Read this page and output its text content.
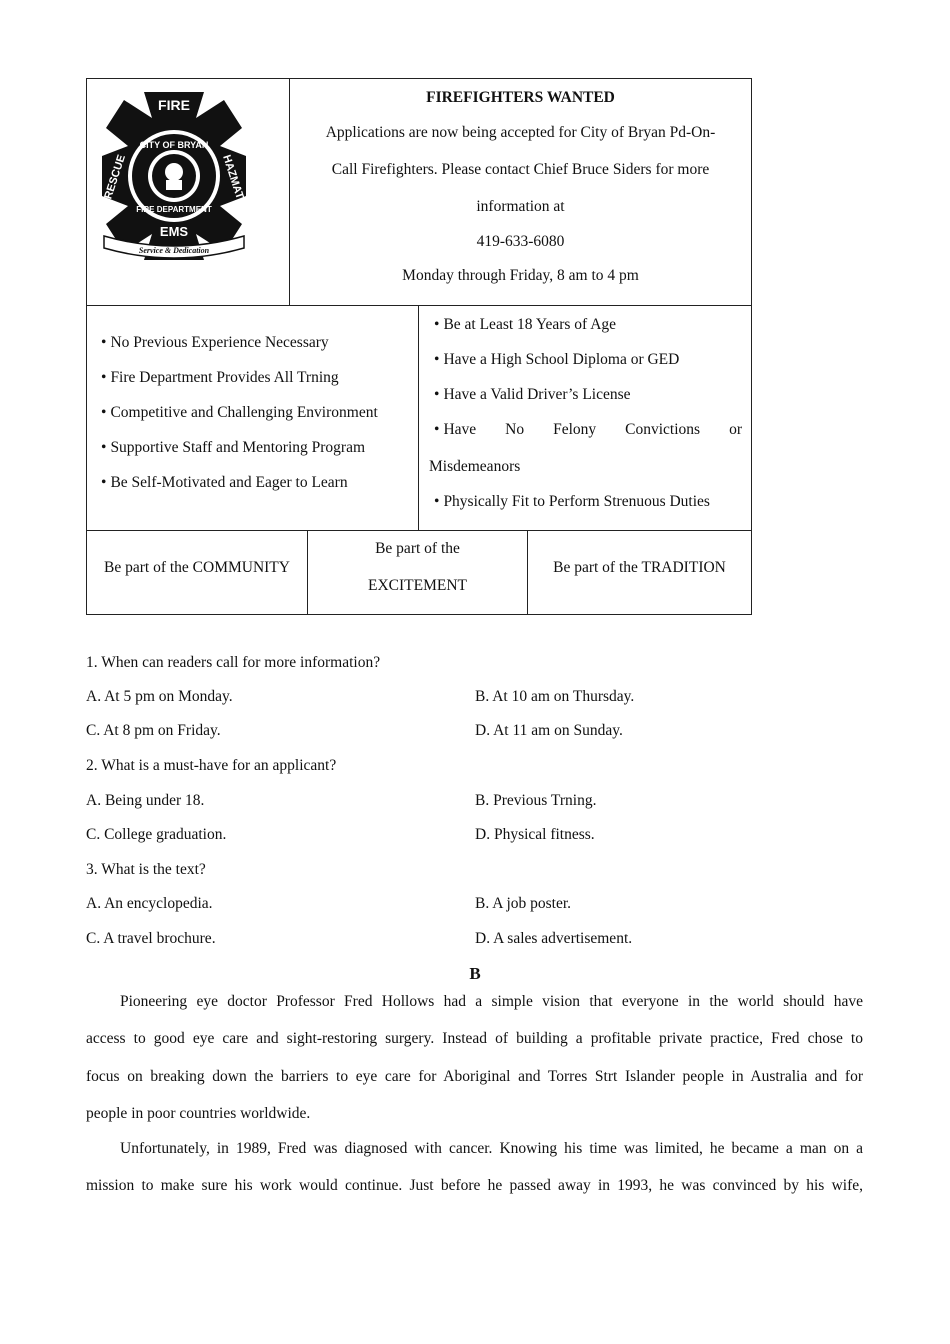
FIRE
EMS
RESCUE	HAZMAT
CITY OF BRYAN
FIRE DEPARTMENT
Service & Dedication
FIREFIGHTERS WANTED
Applications are now being accepted for City of Bryan Pd-On-
Call Firefighters. Please contact Chief Bruce Siders for more
information at
419-633-6080
Monday through Friday, 8 am to 4 pm
• No Previous Experience Necessary
• Fire Department Provides All Trning
• Competitive and Challenging Environment
• Supportive Staff and Mentoring Program
• Be Self-Motivated and Eager to Learn
• Be at Least 18 Years of Age
• Have a High School Diploma or GED
• Have a Valid Driver’s License
• Have No Felony Convictions or
Misdemeanors
• Physically Fit to Perform Strenuous Duties
Be part of the COMMUNITY
Be part of the
EXCITEMENT
Be part of the TRADITION
1. When can readers call for more information?
A. At 5 pm on Monday.	B. At 10 am on Thursday.
C. At 8 pm on Friday.	D. At 11 am on Sunday.
2. What is a must-have for an applicant?
A. Being under 18.	B. Previous Trning.
C. College graduation.	D. Physical fitness.
3. What is the text?
A. An encyclopedia.	B. A job poster.
C. A travel brochure.	D. A sales advertisement.
B
Pioneering eye doctor Professor Fred Hollows had a simple vision that everyone in the world should have
access to good eye care and sight-restoring surgery. Instead of building a profitable private practice, Fred chose to
focus on breaking down the barriers to eye care for Aboriginal and Torres Strt Islander people in Australia and for
people in poor countries worldwide.
Unfortunately, in 1989, Fred was diagnosed with cancer. Knowing his time was limited, he became a man on a
mission to make sure his work would continue. Just before he passed away in 1993, he was convinced by his wife,
